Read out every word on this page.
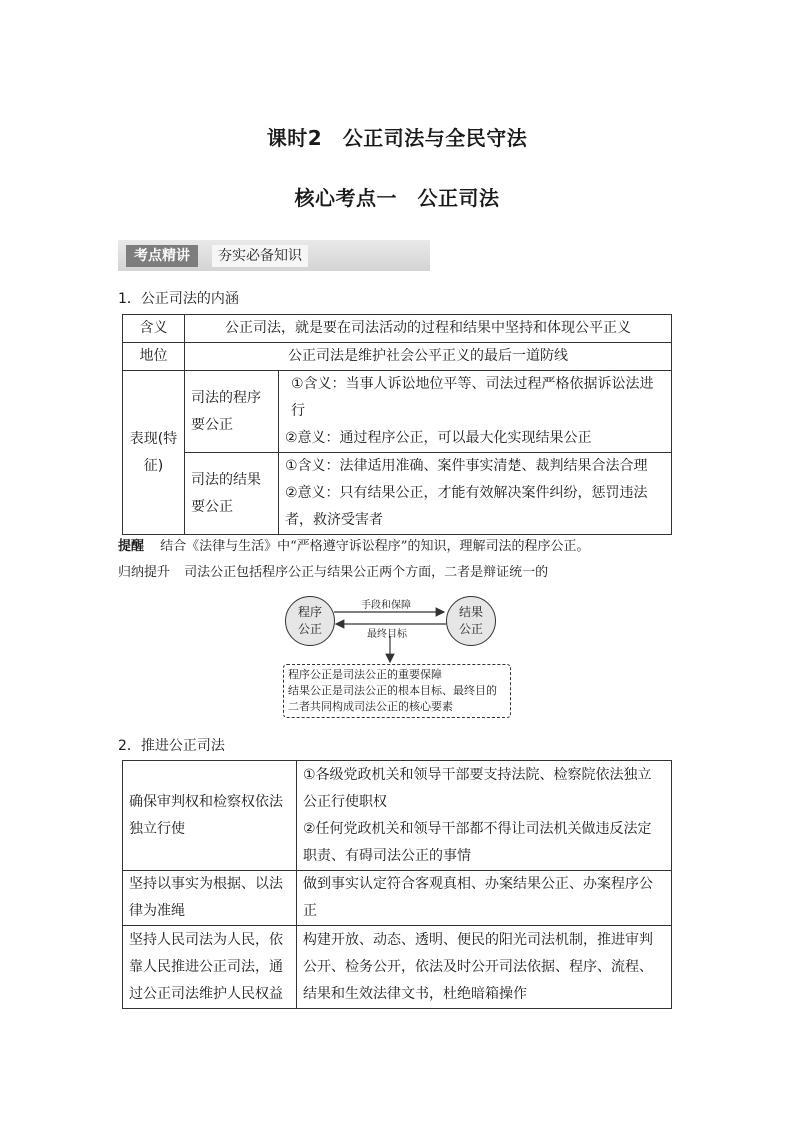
课时2　公正司法与全民守法
核心考点一　公正司法
考点精讲	夯实必备知识
1．公正司法的内涵
含义	公正司法，就是要在司法活动的过程和结果中坚持和体现公平正义	
地位	公正司法是维护社会公平正义的最后一道防线	
表现(特征)	司法的程序要公正	①含义：当事人诉讼地位平等、司法过程严格依据诉讼法进行
②意义：通过程序公正，可以最大化实现结果公正

	司法的结果要公正	①含义：法律适用准确、案件事实清楚、裁判结果合法合理
②意义：只有结果公正，才能有效解决案件纠纷，惩罚违法者，救济受害者
提醒 结合《法律与生活》中“严格遵守诉讼程序”的知识，理解司法的程序公正。
归纳提升 司法公正包括程序公正与结果公正两个方面，二者是辩证统一的
程序公正
结果公正
手段和保障
最终目标
程序公正是司法公正的重要保障
结果公正是司法公正的根本目标、最终目的
二者共同构成司法公正的核心要素
2．推进公正司法
确保审判权和检察权依法独立行使	①各级党政机关和领导干部要支持法院、检察院依法独立公正行使职权
②任何党政机关和领导干部都不得让司法机关做违反法定职责、有碍司法公正的事情

坚持以事实为根据、以法律为准绳	做到事实认定符合客观真相、办案结果公正、办案程序公正
坚持人民司法为人民，依靠人民推进公正司法，通过公正司法维护人民权益	构建开放、动态、透明、便民的阳光司法机制，推进审判公开、检务公开，依法及时公开司法依据、程序、流程、结果和生效法律文书，杜绝暗箱操作
